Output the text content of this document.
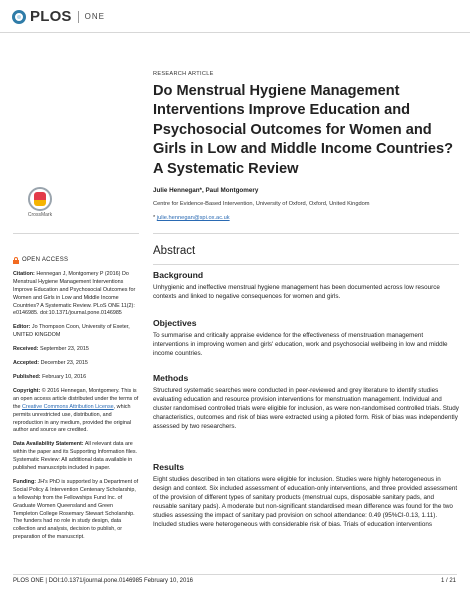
PLOS ONE
RESEARCH ARTICLE
Do Menstrual Hygiene Management Interventions Improve Education and Psychosocial Outcomes for Women and Girls in Low and Middle Income Countries? A Systematic Review
Julie Hennegan*, Paul Montgomery
Centre for Evidence-Based Intervention, University of Oxford, Oxford, United Kingdom
* julie.hennegan@spi.ox.ac.uk
CrossMark
OPEN ACCESS

Citation: Hennegan J, Montgomery P (2016) Do Menstrual Hygiene Management Interventions Improve Education and Psychosocial Outcomes for Women and Girls in Low and Middle Income Countries? A Systematic Review. PLoS ONE 11(2): e0146985. doi:10.1371/journal.pone.0146985

Editor: Jo Thompson Coon, University of Exeter, UNITED KINGDOM

Received: September 23, 2015

Accepted: December 23, 2015

Published: February 10, 2016

Copyright: © 2016 Hennegan, Montgomery. This is an open access article distributed under the terms of the Creative Commons Attribution License, which permits unrestricted use, distribution, and reproduction in any medium, provided the original author and source are credited.

Data Availability Statement: All relevant data are within the paper and its Supporting Information files. Systematic Review: All additional data available in published manuscripts included in paper.

Funding: JH's PhD is supported by a Department of Social Policy & Intervention Centenary Scholarship, a fellowship from the Fellowships Fund Inc. of Graduate Women Queensland and Green Templeton College Rosemary Stewart Scholarship. The funders had no role in study design, data collection and analysis, decision to publish, or preparation of the manuscript.

Abstract
Background

Unhygienic and ineffective menstrual hygiene management has been documented across low resource contexts and linked to negative consequences for women and girls.

Objectives

To summarise and critically appraise evidence for the effectiveness of menstruation management interventions in improving women and girls' education, work and psychosocial wellbeing in low and middle income countries.

Methods

Structured systematic searches were conducted in peer-reviewed and grey literature to identify studies evaluating education and resource provision interventions for menstruation management. Individual and cluster randomised controlled trials were eligible for inclusion, as were non-randomised controlled trials. Study characteristics, outcomes and risk of bias were extracted using a piloted form. Risk of bias was independently assessed by two researchers.

Results

Eight studies described in ten citations were eligible for inclusion. Studies were highly heterogeneous in design and context. Six included assessment of education-only interventions, and three provided assessment of the provision of different types of sanitary products (menstrual cups, disposable sanitary pads, and reusable sanitary pads). A moderate but non-significant standardised mean difference was found for the two studies assessing the impact of sanitary pad provision on school attendance: 0.49 (95%CI-0.13, 1.11). Included studies were heterogeneous with considerable risk of bias. Trials of education interventions

PLOS ONE | DOI:10.1371/journal.pone.0146985 February 10, 2016	1 / 21
